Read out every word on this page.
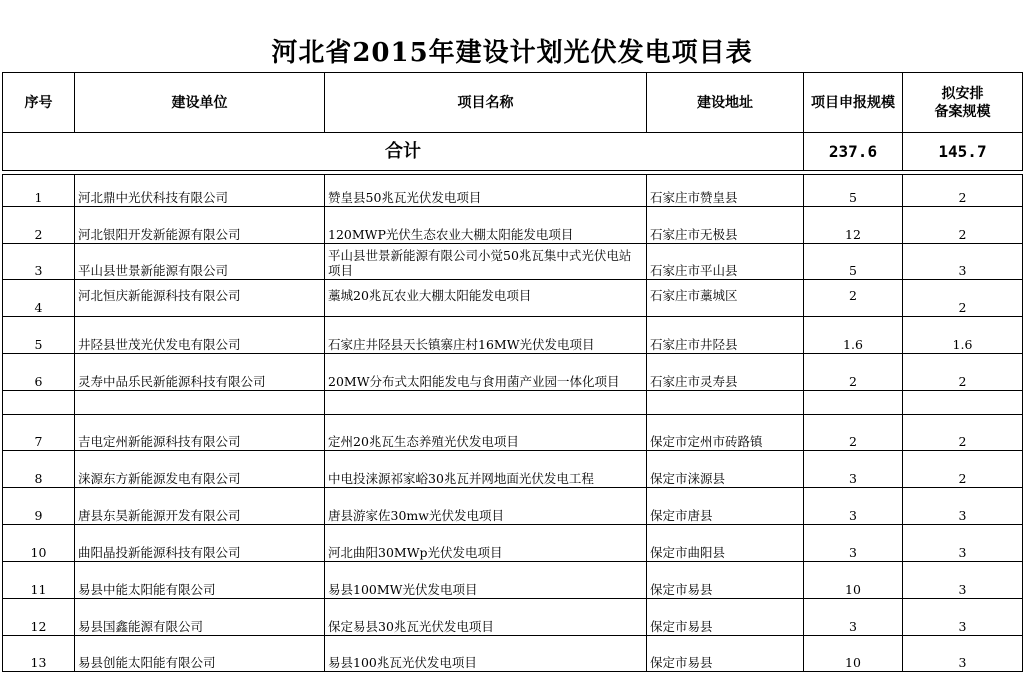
河北省2015年建设计划光伏发电项目表
序号	建设单位	项目名称	建设地址	项目申报规模	拟安排
备案规模

合计				237.6	145.7

1	河北鼎中光伏科技有限公司	赞皇县50兆瓦光伏发电项目	石家庄市赞皇县	5	2
2	河北银阳开发新能源有限公司	120MWP光伏生态农业大棚太阳能发电项目	石家庄市无极县	12	2
3	平山县世景新能源有限公司	平山县世景新能源有限公司小觉50兆瓦集中式光伏电站项目	石家庄市平山县	5	3
4	河北恒庆新能源科技有限公司	藁城20兆瓦农业大棚太阳能发电项目	石家庄市藁城区	2	2
5	井陉县世茂光伏发电有限公司	石家庄井陉县天长镇寨庄村16MW光伏发电项目	石家庄市井陉县	1.6	1.6
6	灵寿中品乐民新能源科技有限公司	20MW分布式太阳能发电与食用菌产业园一体化项目	石家庄市灵寿县	2	2

7	吉电定州新能源科技有限公司	定州20兆瓦生态养殖光伏发电项目	保定市定州市砖路镇	2	2
8	涞源东方新能源发电有限公司	中电投涞源祁家峪30兆瓦并网地面光伏发电工程	保定市涞源县	3	2
9	唐县东昊新能源开发有限公司	唐县游家佐30mw光伏发电项目	保定市唐县	3	3
10	曲阳晶投新能源科技有限公司	河北曲阳30MWp光伏发电项目	保定市曲阳县	3	3
11	易县中能太阳能有限公司	易县100MW光伏发电项目	保定市易县	10	3
12	易县国鑫能源有限公司	保定易县30兆瓦光伏发电项目	保定市易县	3	3
13	易县创能太阳能有限公司	易县100兆瓦光伏发电项目	保定市易县	10	3
